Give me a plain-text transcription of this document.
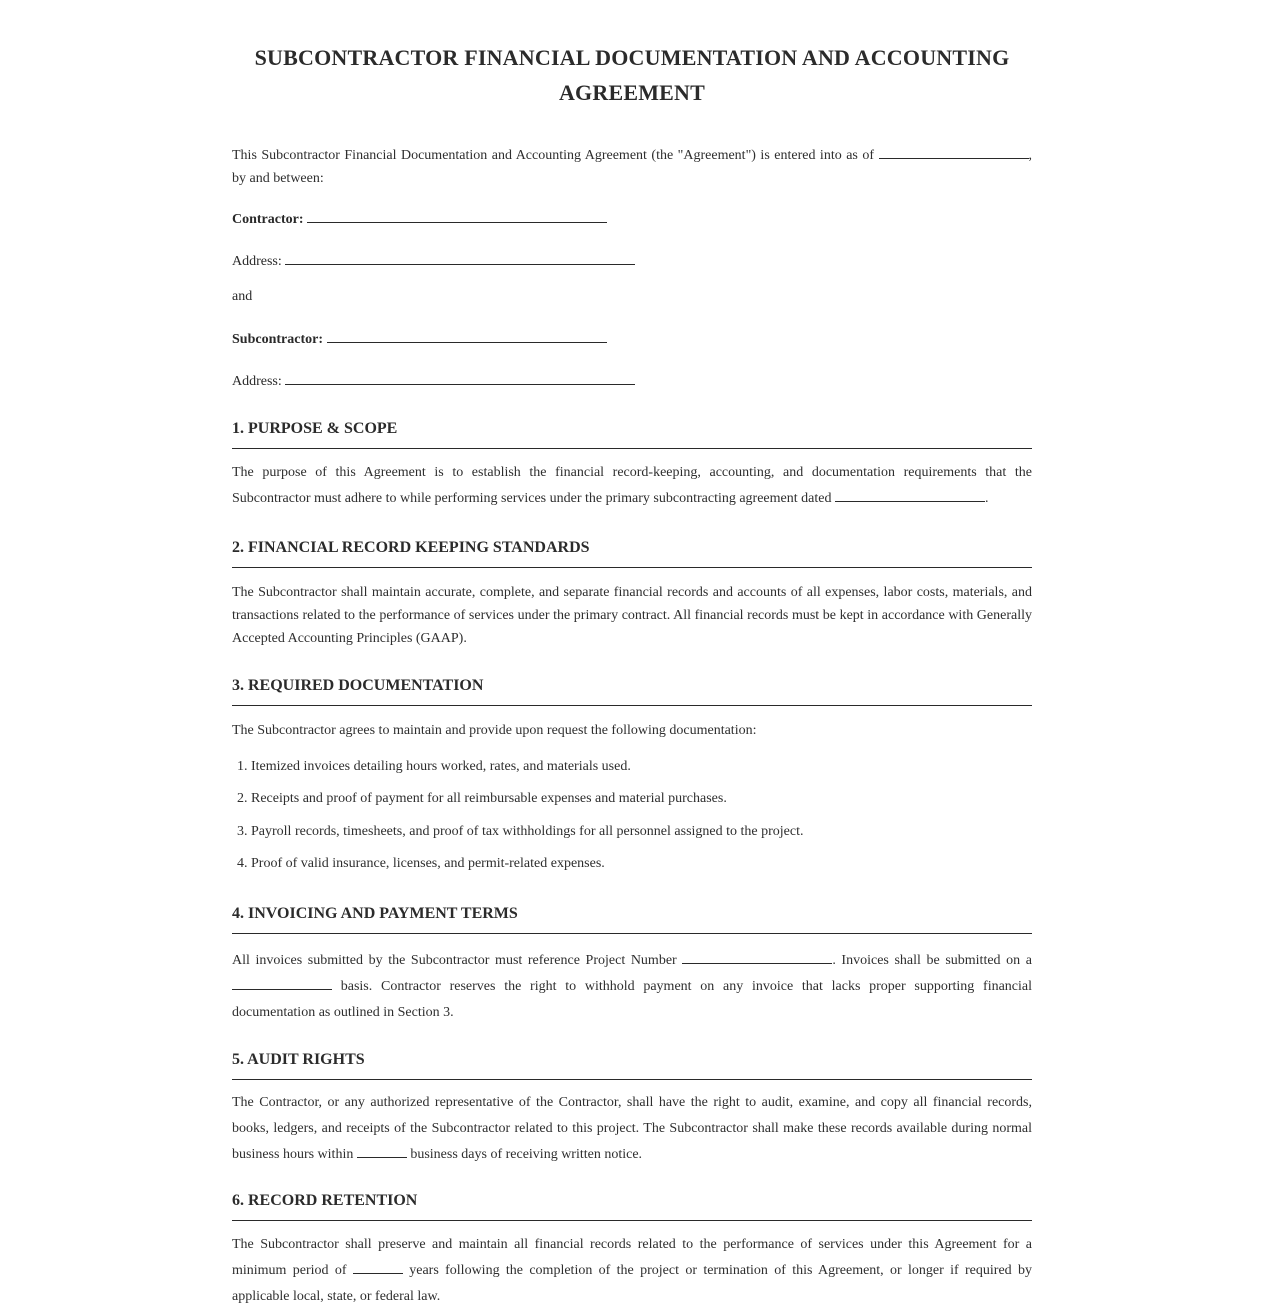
SUBCONTRACTOR FINANCIAL DOCUMENTATION AND ACCOUNTING AGREEMENT

This Subcontractor Financial Documentation and Accounting Agreement (the "Agreement") is entered into as of	, by and between:

Contractor:
Address:
and
Subcontractor:
Address:
1. PURPOSE & SCOPE

The purpose of this Agreement is to establish the financial record-keeping, accounting, and documentation requirements that the Subcontractor must adhere to while performing services under the primary subcontracting agreement dated	.

2. FINANCIAL RECORD KEEPING STANDARDS

The Subcontractor shall maintain accurate, complete, and separate financial records and accounts of all expenses, labor costs, materials, and transactions related to the performance of services under the primary contract. All financial records must be kept in accordance with Generally Accepted Accounting Principles (GAAP).

3. REQUIRED DOCUMENTATION

The Subcontractor agrees to maintain and provide upon request the following documentation:

1. Itemized invoices detailing hours worked, rates, and materials used.
2. Receipts and proof of payment for all reimbursable expenses and material purchases.
3. Payroll records, timesheets, and proof of tax withholdings for all personnel assigned to the project.
4. Proof of valid insurance, licenses, and permit-related expenses.
4. INVOICING AND PAYMENT TERMS

All invoices submitted by the Subcontractor must reference Project Number	. Invoices shall be submitted on a  basis. Contractor reserves the right to withhold payment on any invoice that lacks proper supporting financial documentation as outlined in Section 3.

5. AUDIT RIGHTS

The Contractor, or any authorized representative of the Contractor, shall have the right to audit, examine, and copy all financial records, books, ledgers, and receipts of the Subcontractor related to this project. The Subcontractor shall make these records available during normal business hours within	business days of receiving written notice.

6. RECORD RETENTION

The Subcontractor shall preserve and maintain all financial records related to the performance of services under this Agreement for a minimum period of	years following the completion of the project or termination of this Agreement, or longer if required by applicable local, state, or federal law.
